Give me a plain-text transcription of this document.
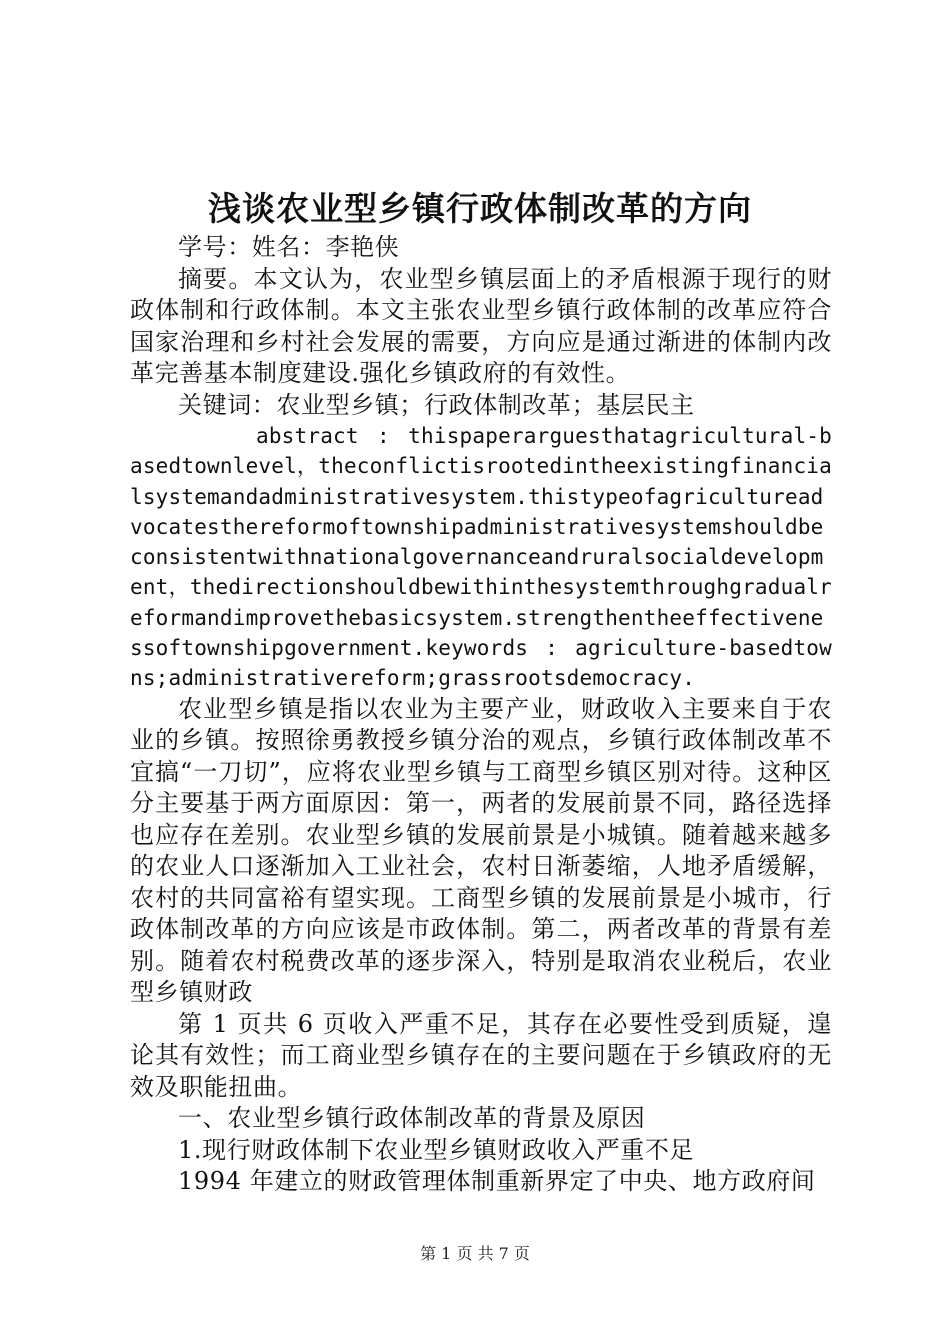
浅谈农业型乡镇行政体制改革的方向

学号：姓名：李艳侠

摘要。本文认为，农业型乡镇层面上的矛盾根源于现行的财政体制和行政体制。本文主张农业型乡镇行政体制的改革应符合国家治理和乡村社会发展的需要，方向应是通过渐进的体制内改革完善基本制度建设.强化乡镇政府的有效性。

关键词：农业型乡镇；行政体制改革；基层民主

abstract : thispaperarguesthatagricultural-basedtownlevel，theconflictisrootedintheexistingfinancialsystemandadministrativesystem.thistypeofagricultureadvocatesthereformoftownshipadministrativesystemshouldbeconsistentwithnationalgovernanceandruralsocialdevelopment，thedirectionshouldbewithinthesystemthroughgradualreformandimprovethebasicsystem.strengthentheeffectivenessoftownshipgovernment.keywords : agriculture-basedtowns;administrativereform;grassrootsdemocracy.

农业型乡镇是指以农业为主要产业，财政收入主要来自于农业的乡镇。按照徐勇教授乡镇分治的观点，乡镇行政体制改革不宜搞“一刀切”，应将农业型乡镇与工商型乡镇区别对待。这种区分主要基于两方面原因：第一，两者的发展前景不同，路径选择也应存在差别。农业型乡镇的发展前景是小城镇。随着越来越多的农业人口逐渐加入工业社会，农村日渐萎缩，人地矛盾缓解，农村的共同富裕有望实现。工商型乡镇的发展前景是小城市，行政体制改革的方向应该是市政体制。第二，两者改革的背景有差别。随着农村税费改革的逐步深入，特别是取消农业税后，农业型乡镇财政

第 1 页共 6 页收入严重不足，其存在必要性受到质疑，遑论其有效性；而工商业型乡镇存在的主要问题在于乡镇政府的无效及职能扭曲。

一、农业型乡镇行政体制改革的背景及原因

1.现行财政体制下农业型乡镇财政收入严重不足

1994 年建立的财政管理体制重新界定了中央、地方政府间

第 1 页 共 7 页
